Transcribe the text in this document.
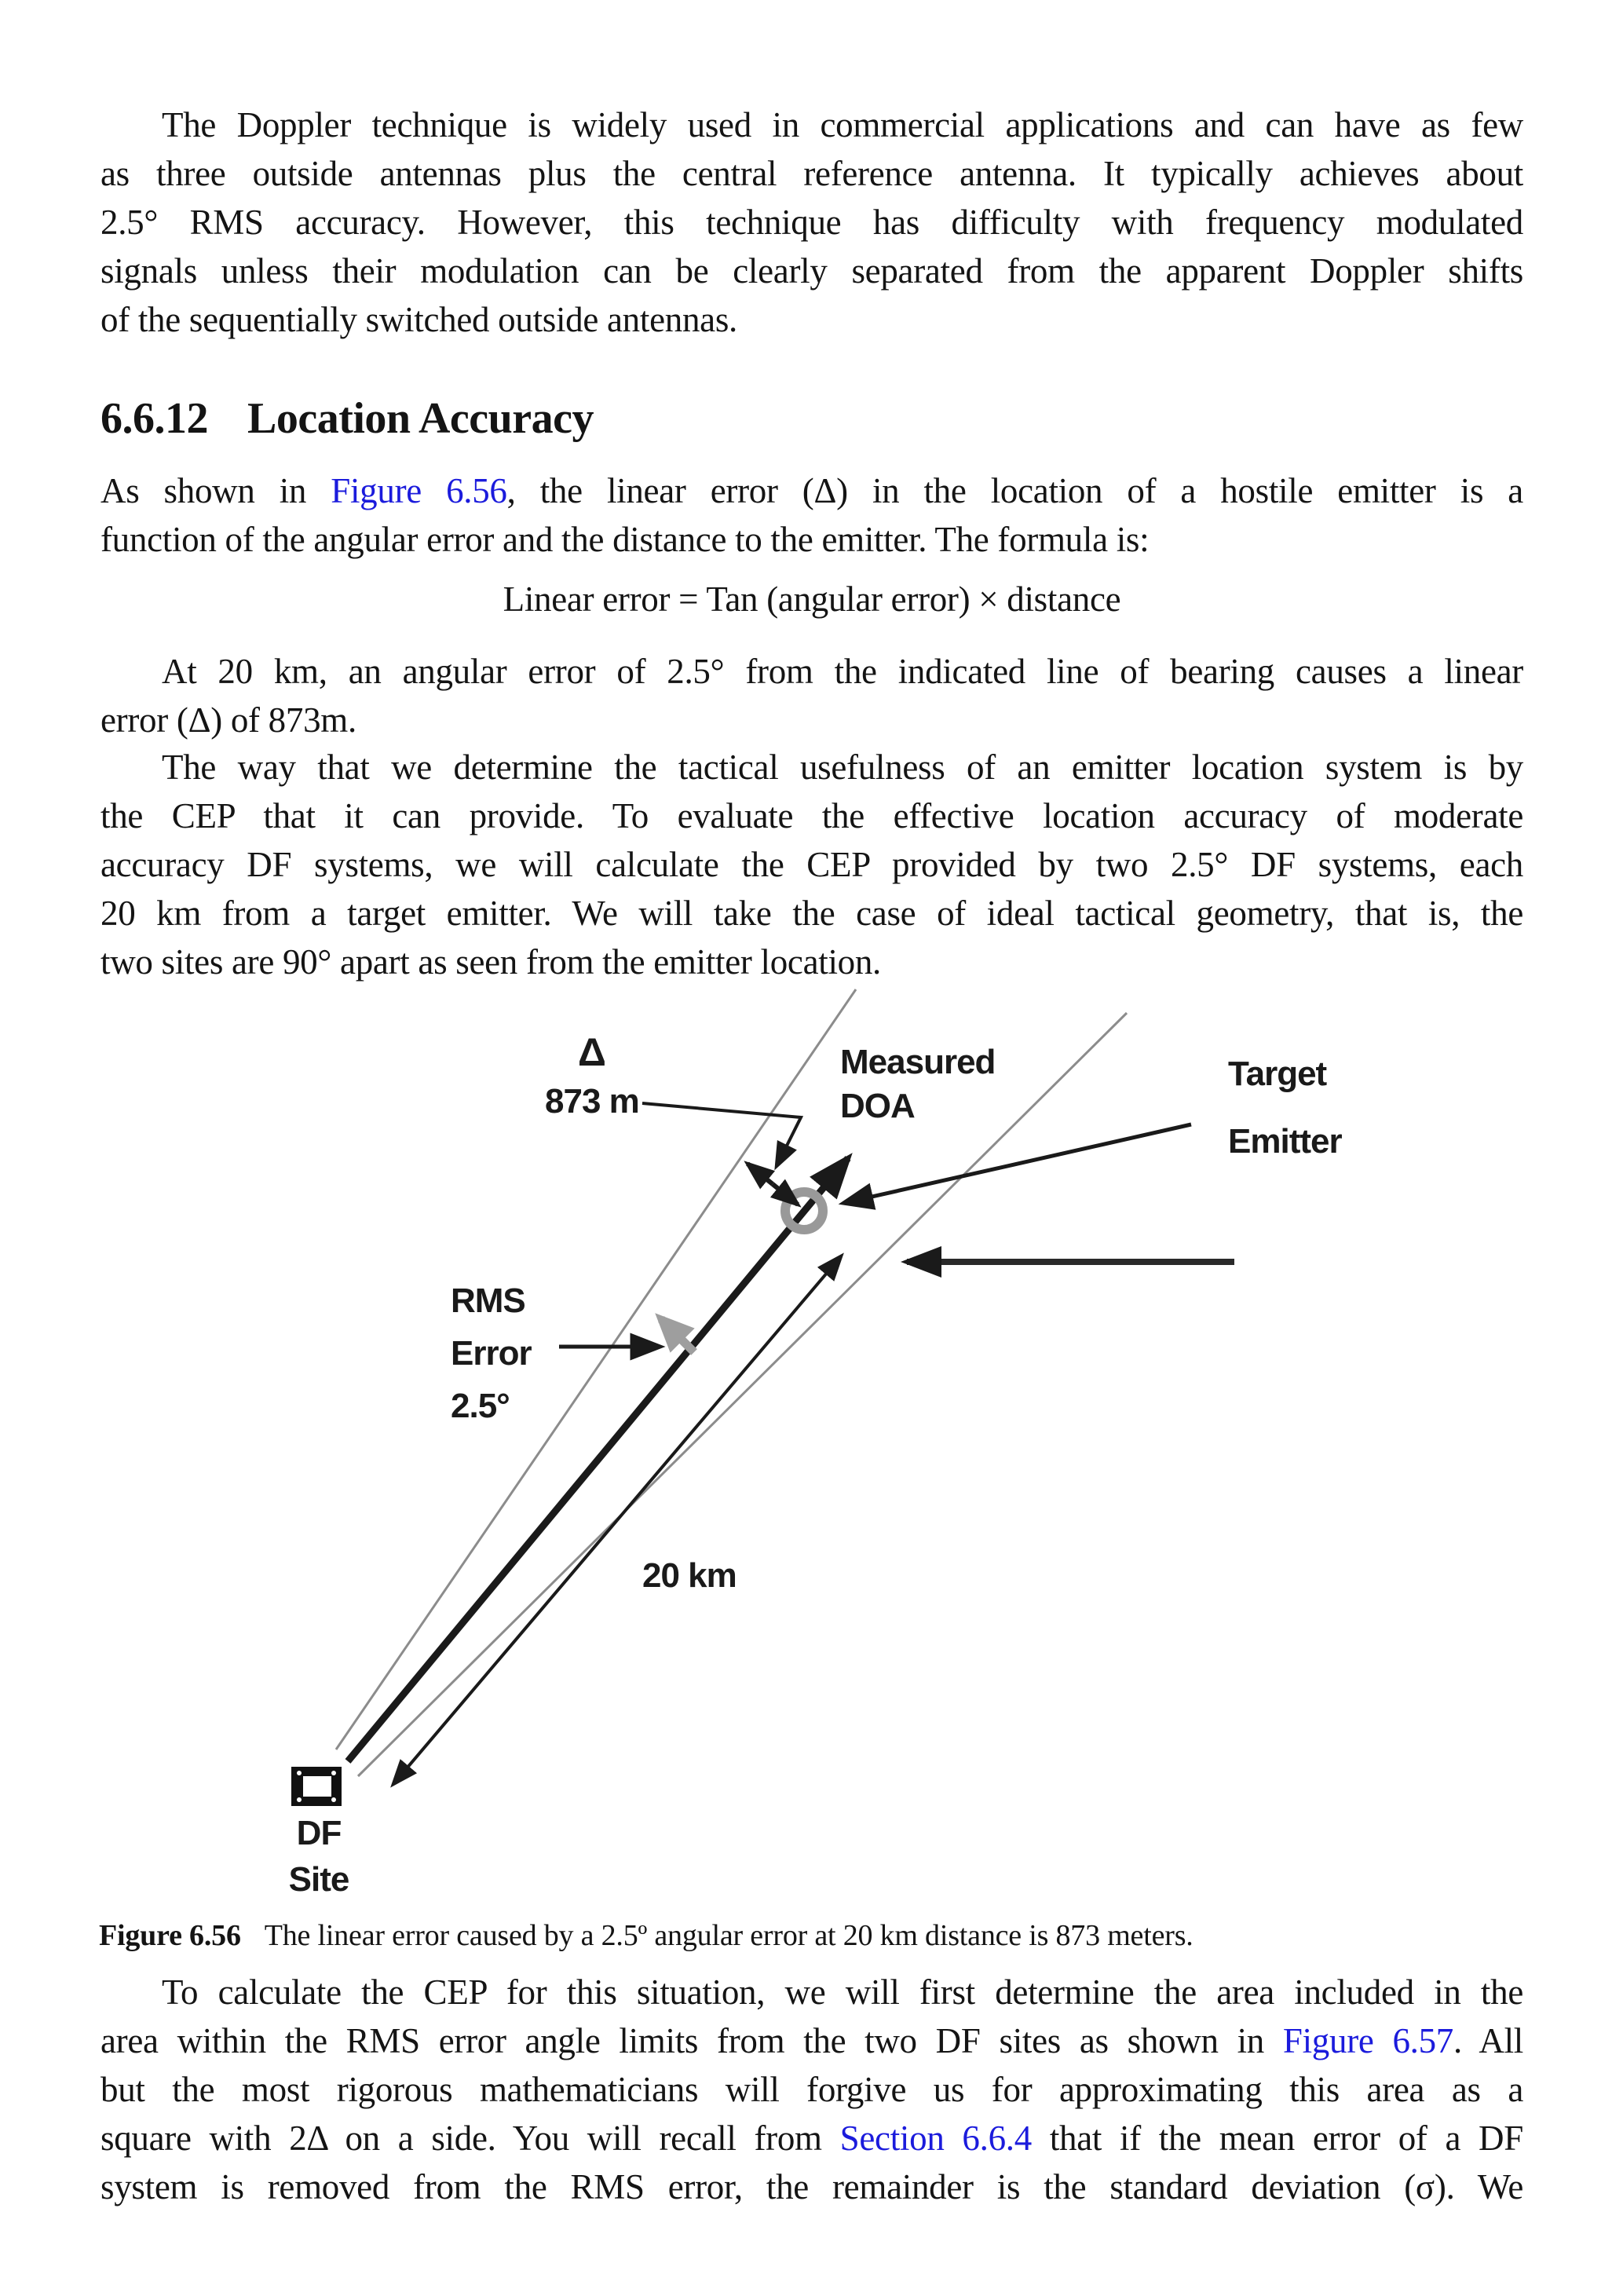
The Doppler technique is widely used in commercial applications and can have as few
as three outside antennas plus the central reference antenna. It typically achieves about
2.5° RMS accuracy. However, this technique has difficulty with frequency modulated
signals unless their modulation can be clearly separated from the apparent Doppler shifts
of the sequentially switched outside antennas.
6.6.12 Location Accuracy
As shown in Figure 6.56, the linear error (Δ) in the location of a hostile emitter is a
function of the angular error and the distance to the emitter. The formula is:
Linear error = Tan (angular error) × distance
At 20 km, an angular error of 2.5° from the indicated line of bearing causes a linear
error (Δ) of 873m.
The way that we determine the tactical usefulness of an emitter location system is by
the CEP that it can provide. To evaluate the effective location accuracy of moderate
accuracy DF systems, we will calculate the CEP provided by two 2.5° DF systems, each
20 km from a target emitter. We will take the case of ideal tactical geometry, that is, the
two sites are 90° apart as seen from the emitter location.
Δ
873 m
Measured
DOA
Target
Emitter
RMS
Error
2.5°
20 km
DF
Site
Figure 6.56 The linear error caused by a 2.5º angular error at 20 km distance is 873 meters.
To calculate the CEP for this situation, we will first determine the area included in the
area within the RMS error angle limits from the two DF sites as shown in Figure 6.57. All
but the most rigorous mathematicians will forgive us for approximating this area as a
square with 2Δ on a side. You will recall from Section 6.6.4 that if the mean error of a DF
system is removed from the RMS error, the remainder is the standard deviation (σ). We
